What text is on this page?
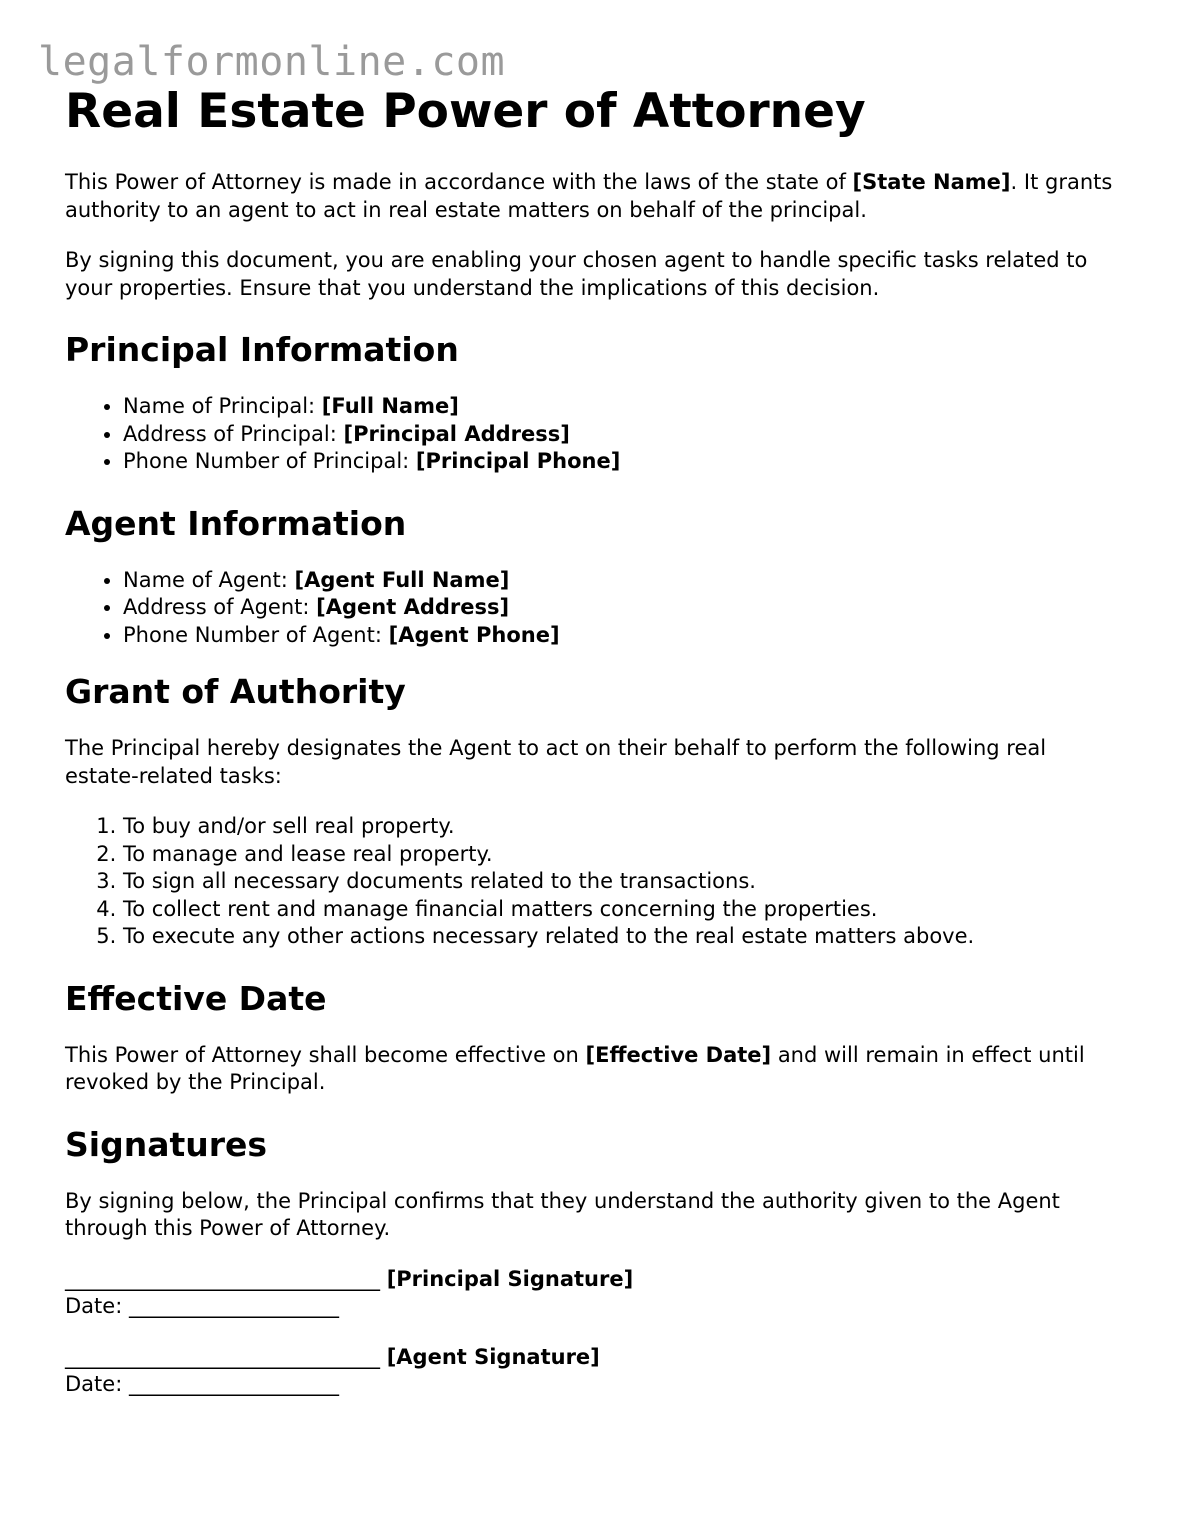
legalformonline.com
Real Estate Power of Attorney

This Power of Attorney is made in accordance with the laws of the state of [State Name]. It grants authority to an agent to act in real estate matters on behalf of the principal.

By signing this document, you are enabling your chosen agent to handle specific tasks related to your properties. Ensure that you understand the implications of this decision.

Principal Information
• Name of Principal: [Full Name]
• Address of Principal: [Principal Address]
• Phone Number of Principal: [Principal Phone]
Agent Information
• Name of Agent: [Agent Full Name]
• Address of Agent: [Agent Address]
• Phone Number of Agent: [Agent Phone]
Grant of Authority

The Principal hereby designates the Agent to act on their behalf to perform the following real estate-related tasks:

1. To buy and/or sell real property.
2. To manage and lease real property.
3. To sign all necessary documents related to the transactions.
4. To collect rent and manage financial matters concerning the properties.
5. To execute any other actions necessary related to the real estate matters above.
Effective Date

This Power of Attorney shall become effective on [Effective Date] and will remain in effect until revoked by the Principal.

Signatures

By signing below, the Principal confirms that they understand the authority given to the Agent through this Power of Attorney.

______________________________ [Principal Signature]

Date: ____________________

______________________________ [Agent Signature]

Date: ____________________
